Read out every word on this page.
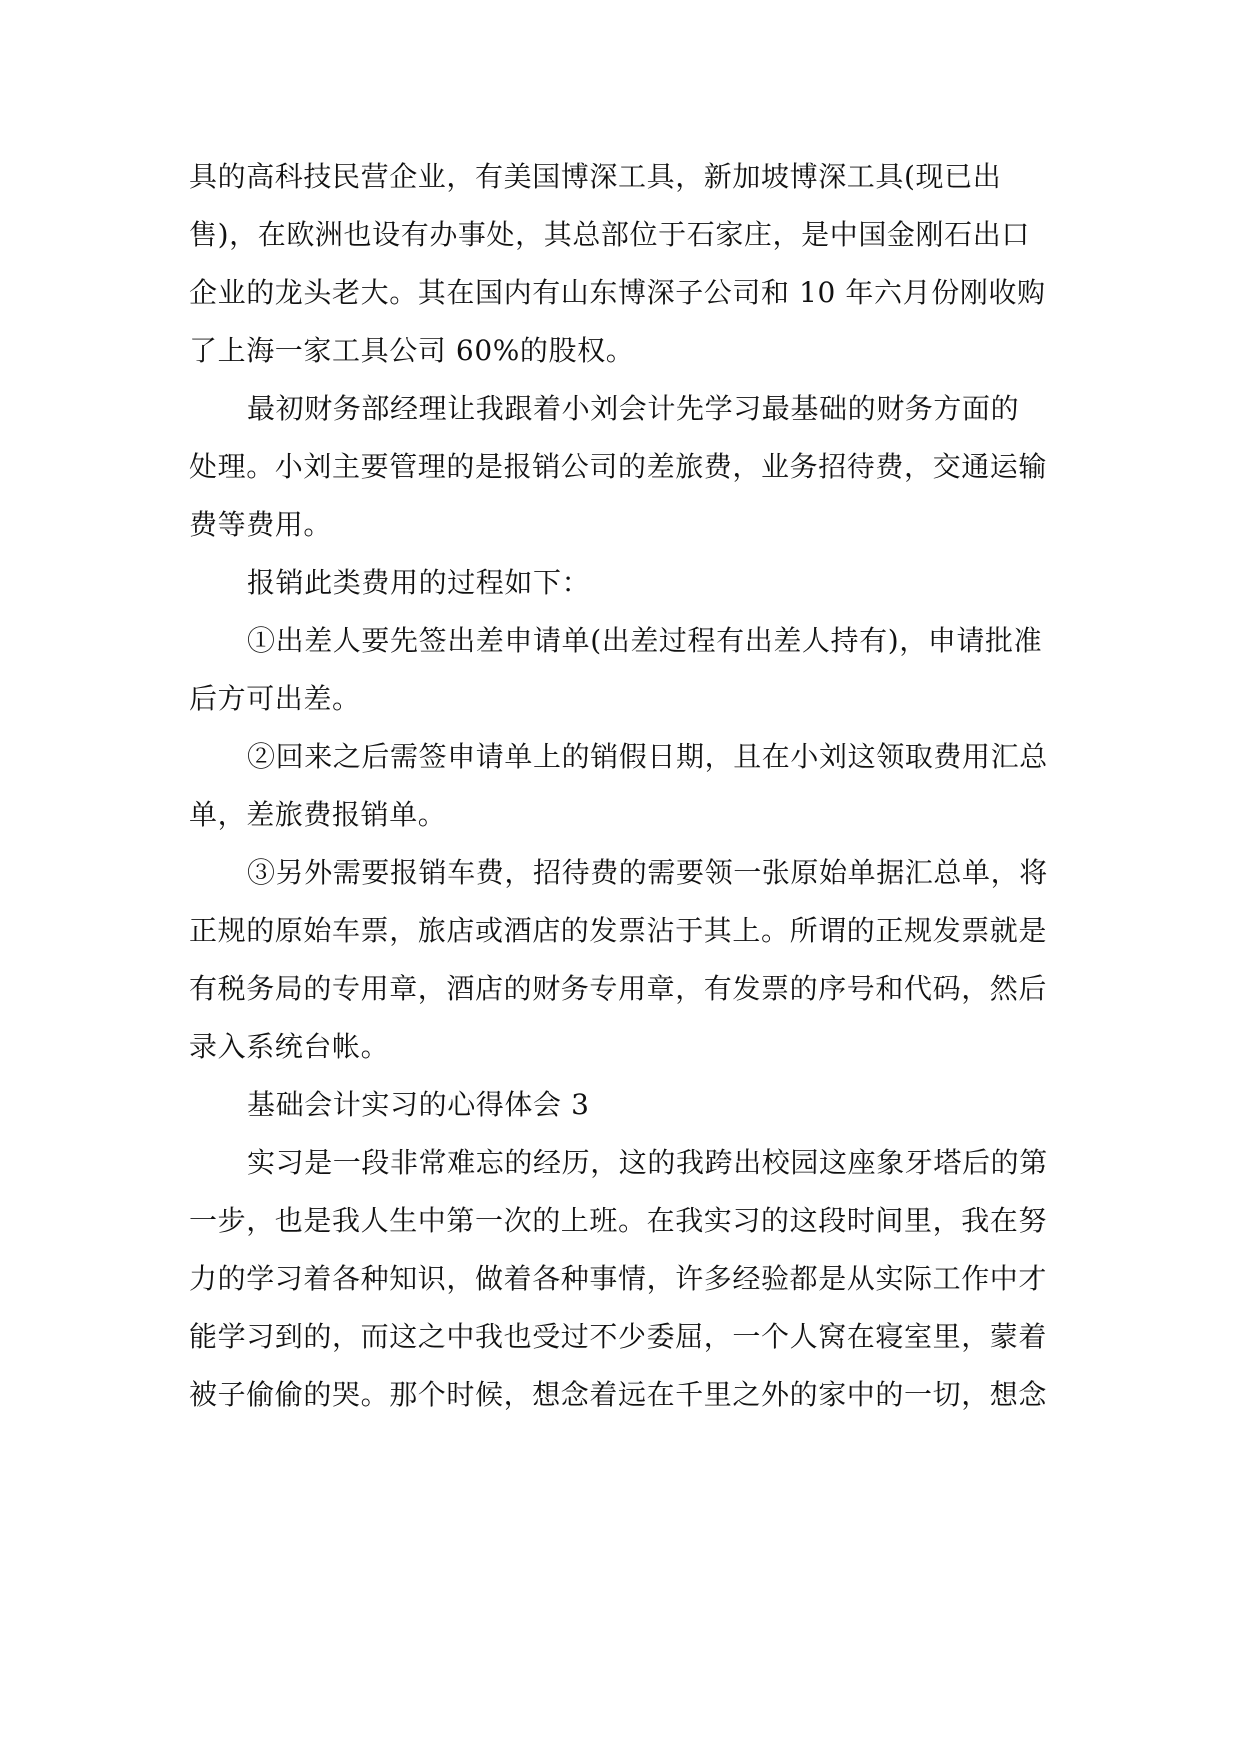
具的高科技民营企业，有美国博深工具，新加坡博深工具(现已出
售)，在欧洲也设有办事处，其总部位于石家庄，是中国金刚石出口
企业的龙头老大。其在国内有山东博深子公司和 10 年六月份刚收购
了上海一家工具公司 60%的股权。
最初财务部经理让我跟着小刘会计先学习最基础的财务方面的
处理。小刘主要管理的是报销公司的差旅费，业务招待费，交通运输
费等费用。
报销此类费用的过程如下：
①出差人要先签出差申请单(出差过程有出差人持有)，申请批准
后方可出差。
②回来之后需签申请单上的销假日期，且在小刘这领取费用汇总
单，差旅费报销单。
③另外需要报销车费，招待费的需要领一张原始单据汇总单，将
正规的原始车票，旅店或酒店的发票沾于其上。所谓的正规发票就是
有税务局的专用章，酒店的财务专用章，有发票的序号和代码，然后
录入系统台帐。
基础会计实习的心得体会 3
实习是一段非常难忘的经历，这的我跨出校园这座象牙塔后的第
一步，也是我人生中第一次的上班。在我实习的这段时间里，我在努
力的学习着各种知识，做着各种事情，许多经验都是从实际工作中才
能学习到的，而这之中我也受过不少委屈，一个人窝在寝室里，蒙着
被子偷偷的哭。那个时候，想念着远在千里之外的家中的一切，想念
